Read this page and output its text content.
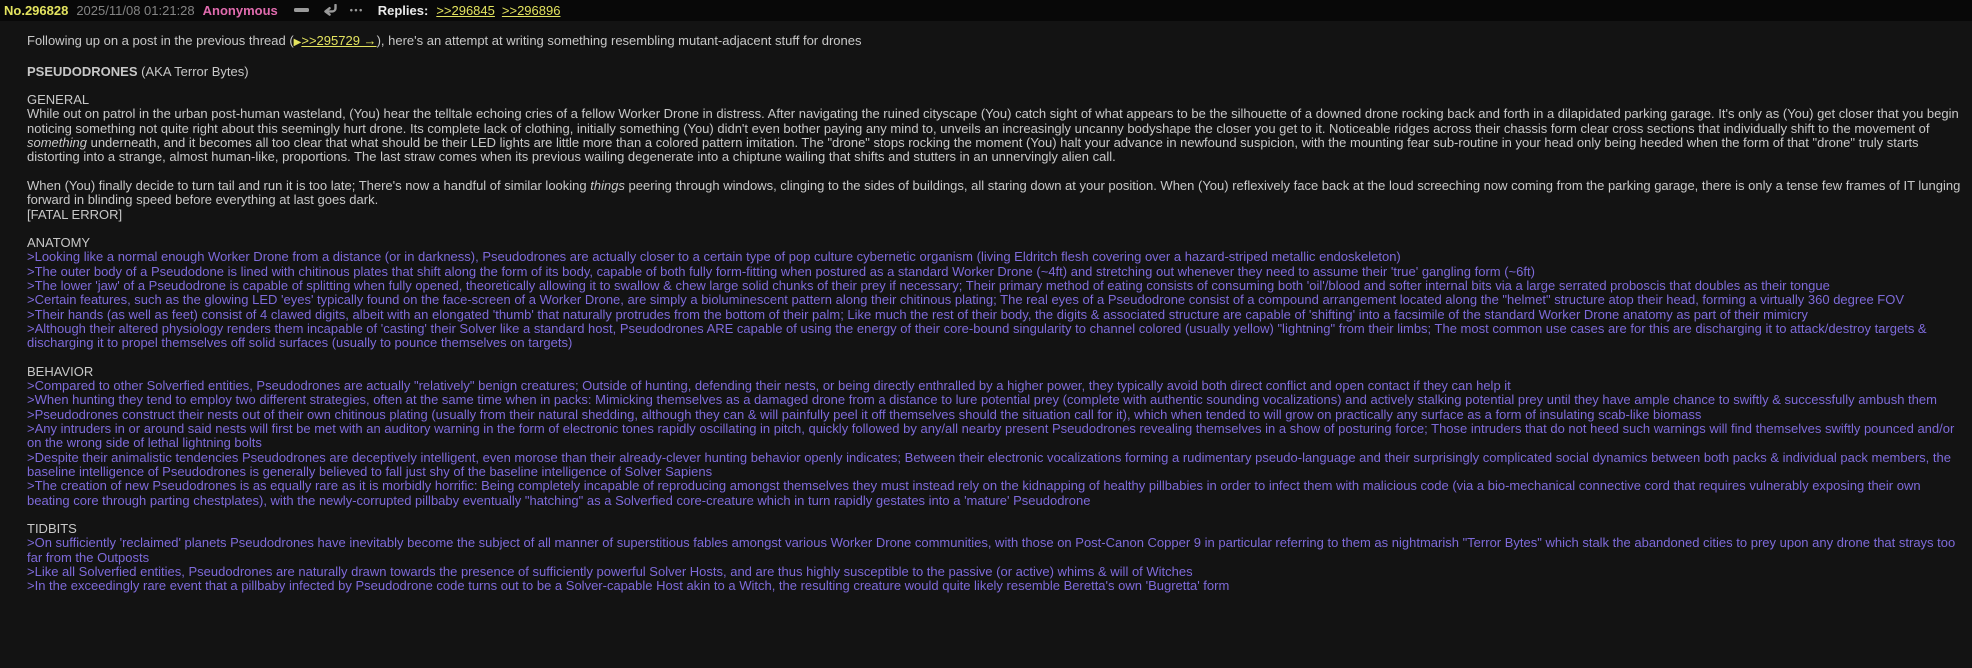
No.296828 2025/11/08 01:21:28 Anonymous	••• Replies: >>296845 >>296896
Following up on a post in the previous thread (▶>>295729 →), here's an attempt at writing something resembling mutant-adjacent stuff for drones
PSEUDODRONES (AKA Terror Bytes)
GENERAL
While out on patrol in the urban post-human wasteland, (You) hear the telltale echoing cries of a fellow Worker Drone in distress. After navigating the ruined cityscape (You) catch sight of what appears to be the silhouette of a downed drone rocking back and forth in a dilapidated parking garage. It's only as (You) get closer that you begin noticing something not quite right about this seemingly hurt drone. Its complete lack of clothing, initially something (You) didn't even bother paying any mind to, unveils an increasingly uncanny bodyshape the closer you get to it. Noticeable ridges across their chassis form clear cross sections that individually shift to the movement of something underneath, and it becomes all too clear that what should be their LED lights are little more than a colored pattern imitation. The "drone" stops rocking the moment (You) halt your advance in newfound suspicion, with the mounting fear sub-routine in your head only being heeded when the form of that "drone" truly starts distorting into a strange, almost human-like, proportions. The last straw comes when its previous wailing degenerate into a chiptune wailing that shifts and stutters in an unnervingly alien call.
When (You) finally decide to turn tail and run it is too late; There's now a handful of similar looking things peering through windows, clinging to the sides of buildings, all staring down at your position. When (You) reflexively face back at the loud screeching now coming from the parking garage, there is only a tense few frames of IT lunging forward in blinding speed before everything at last goes dark.
[FATAL ERROR]
ANATOMY
>Looking like a normal enough Worker Drone from a distance (or in darkness), Pseudodrones are actually closer to a certain type of pop culture cybernetic organism (living Eldritch flesh covering over a hazard-striped metallic endoskeleton)
>The outer body of a Pseudodone is lined with chitinous plates that shift along the form of its body, capable of both fully form-fitting when postured as a standard Worker Drone (~4ft) and stretching out whenever they need to assume their 'true' gangling form (~6ft)
>The lower 'jaw' of a Pseudodrone is capable of splitting when fully opened, theoretically allowing it to swallow & chew large solid chunks of their prey if necessary; Their primary method of eating consists of consuming both 'oil'/blood and softer internal bits via a large serrated proboscis that doubles as their tongue
>Certain features, such as the glowing LED 'eyes' typically found on the face-screen of a Worker Drone, are simply a bioluminescent pattern along their chitinous plating; The real eyes of a Pseudodrone consist of a compound arrangement located along the "helmet" structure atop their head, forming a virtually 360 degree FOV
>Their hands (as well as feet) consist of 4 clawed digits, albeit with an elongated 'thumb' that naturally protrudes from the bottom of their palm; Like much the rest of their body, the digits & associated structure are capable of 'shifting' into a facsimile of the standard Worker Drone anatomy as part of their mimicry
>Although their altered physiology renders them incapable of 'casting' their Solver like a standard host, Pseudodrones ARE capable of using the energy of their core-bound singularity to channel colored (usually yellow) "lightning" from their limbs; The most common use cases are for this are discharging it to attack/destroy targets & discharging it to propel themselves off solid surfaces (usually to pounce themselves on targets)
BEHAVIOR
>Compared to other Solverfied entities, Pseudodrones are actually "relatively" benign creatures; Outside of hunting, defending their nests, or being directly enthralled by a higher power, they typically avoid both direct conflict and open contact if they can help it
>When hunting they tend to employ two different strategies, often at the same time when in packs: Mimicking themselves as a damaged drone from a distance to lure potential prey (complete with authentic sounding vocalizations) and actively stalking potential prey until they have ample chance to swiftly & successfully ambush them
>Pseudodrones construct their nests out of their own chitinous plating (usually from their natural shedding, although they can & will painfully peel it off themselves should the situation call for it), which when tended to will grow on practically any surface as a form of insulating scab-like biomass
>Any intruders in or around said nests will first be met with an auditory warning in the form of electronic tones rapidly oscillating in pitch, quickly followed by any/all nearby present Pseudodrones revealing themselves in a show of posturing force; Those intruders that do not heed such warnings will find themselves swiftly pounced and/or on the wrong side of lethal lightning bolts
>Despite their animalistic tendencies Pseudodrones are deceptively intelligent, even morose than their already-clever hunting behavior openly indicates; Between their electronic vocalizations forming a rudimentary pseudo-language and their surprisingly complicated social dynamics between both packs & individual pack members, the baseline intelligence of Pseudodrones is generally believed to fall just shy of the baseline intelligence of Solver Sapiens
>The creation of new Pseudodrones is as equally rare as it is morbidly horrific: Being completely incapable of reproducing amongst themselves they must instead rely on the kidnapping of healthy pillbabies in order to infect them with malicious code (via a bio-mechanical connective cord that requires vulnerably exposing their own beating core through parting chestplates), with the newly-corrupted pillbaby eventually "hatching" as a Solverfied core-creature which in turn rapidly gestates into a 'mature' Pseudodrone
TIDBITS
>On sufficiently 'reclaimed' planets Pseudodrones have inevitably become the subject of all manner of superstitious fables amongst various Worker Drone communities, with those on Post-Canon Copper 9 in particular referring to them as nightmarish "Terror Bytes" which stalk the abandoned cities to prey upon any drone that strays too far from the Outposts
>Like all Solverfied entities, Pseudodrones are naturally drawn towards the presence of sufficiently powerful Solver Hosts, and are thus highly susceptible to the passive (or active) whims & will of Witches
>In the exceedingly rare event that a pillbaby infected by Pseudodrone code turns out to be a Solver-capable Host akin to a Witch, the resulting creature would quite likely resemble Beretta's own 'Bugretta' form
